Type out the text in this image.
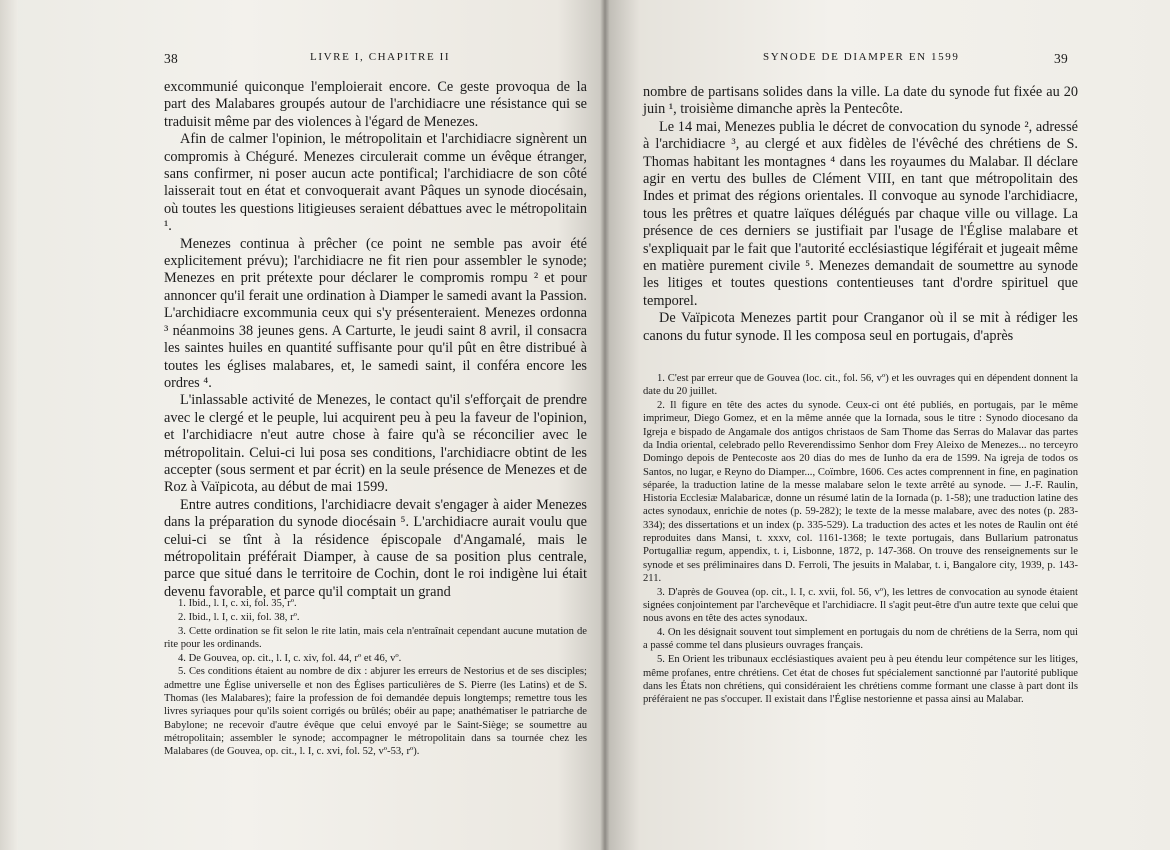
38	LIVRE I, CHAPITRE II

excommunié quiconque l'emploierait encore. Ce geste provoqua de la part des Malabares groupés autour de l'archidiacre une résistance qui se traduisit même par des violences à l'égard de Menezes.

Afin de calmer l'opinion, le métropolitain et l'archidiacre signèrent un compromis à Chéguré. Menezes circulerait comme un évêque étranger, sans confirmer, ni poser aucun acte pontifical; l'archidiacre de son côté laisserait tout en état et convoquerait avant Pâques un synode diocésain, où toutes les questions litigieuses seraient débattues avec le métropolitain ¹.

Menezes continua à prêcher (ce point ne semble pas avoir été explicitement prévu); l'archidiacre ne fit rien pour assembler le synode; Menezes en prit prétexte pour déclarer le compromis rompu ² et pour annoncer qu'il ferait une ordination à Diamper le samedi avant la Passion. L'archidiacre excommunia ceux qui s'y présenteraient. Menezes ordonna ³ néanmoins 38 jeunes gens. A Carturte, le jeudi saint 8 avril, il consacra les saintes huiles en quantité suffisante pour qu'il pût en être distribué à toutes les églises malabares, et, le samedi saint, il conféra encore les ordres ⁴.

L'inlassable activité de Menezes, le contact qu'il s'efforçait de prendre avec le clergé et le peuple, lui acquirent peu à peu la faveur de l'opinion, et l'archidiacre n'eut autre chose à faire qu'à se réconcilier avec le métropolitain. Celui-ci lui posa ses conditions, l'archidiacre obtint de les accepter (sous serment et par écrit) en la seule présence de Menezes et de Roz à Vaïpicota, au début de mai 1599.

Entre autres conditions, l'archidiacre devait s'engager à aider Menezes dans la préparation du synode diocésain ⁵. L'archidiacre aurait voulu que celui-ci se tînt à la résidence épiscopale d'Angamalé, mais le métropolitain préférait Diamper, à cause de sa position plus centrale, parce que situé dans le territoire de Cochin, dont le roi indigène lui était devenu favorable, et parce qu'il comptait un grand

1. Ibid., l. I, c. xi, fol. 35, rº.

2. Ibid., l. I, c. xii, fol. 38, rº.

3. Cette ordination se fit selon le rite latin, mais cela n'entraînait cependant aucune mutation de rite pour les ordinands.

4. De Gouvea, op. cit., l. I, c. xiv, fol. 44, rº et 46, vº.

5. Ces conditions étaient au nombre de dix : abjurer les erreurs de Nestorius et de ses disciples; admettre une Église universelle et non des Églises particulières de S. Pierre (les Latins) et de S. Thomas (les Malabares); faire la profession de foi demandée depuis longtemps; remettre tous les livres syriaques pour qu'ils soient corrigés ou brûlés; obéir au pape; anathématiser le patriarche de Babylone; ne recevoir d'autre évêque que celui envoyé par le Saint-Siège; se soumettre au métropolitain; assembler le synode; accompagner le métropolitain dans sa tournée chez les Malabares (de Gouvea, op. cit., l. I, c. xvi, fol. 52, vº-53, rº).

SYNODE DE DIAMPER EN 1599	39

nombre de partisans solides dans la ville. La date du synode fut fixée au 20 juin ¹, troisième dimanche après la Pentecôte.

Le 14 mai, Menezes publia le décret de convocation du synode ², adressé à l'archidiacre ³, au clergé et aux fidèles de l'évêché des chrétiens de S. Thomas habitant les montagnes ⁴ dans les royaumes du Malabar. Il déclare agir en vertu des bulles de Clément VIII, en tant que métropolitain des Indes et primat des régions orientales. Il convoque au synode l'archidiacre, tous les prêtres et quatre laïques délégués par chaque ville ou village. La présence de ces derniers se justifiait par l'usage de l'Église malabare et s'expliquait par le fait que l'autorité ecclésiastique légiférait et jugeait même en matière purement civile ⁵. Menezes demandait de soumettre au synode les litiges et toutes questions contentieuses tant d'ordre spirituel que temporel.

De Vaïpicota Menezes partit pour Cranganor où il se mit à rédiger les canons du futur synode. Il les composa seul en portugais, d'après

1. C'est par erreur que de Gouvea (loc. cit., fol. 56, vº) et les ouvrages qui en dépendent donnent la date du 20 juillet.

2. Il figure en tête des actes du synode. Ceux-ci ont été publiés, en portugais, par le même imprimeur, Diego Gomez, et en la même année que la Iornada, sous le titre : Synodo diocesano da Igreja e bispado de Angamale dos antigos christaos de Sam Thome das Serras do Malavar das partes da India oriental, celebrado pello Reverendissimo Senhor dom Frey Aleixo de Menezes... no terceyro Domingo depois de Pentecoste aos 20 dias do mes de Iunho da era de 1599. Na igreja de todos os Santos, no lugar, e Reyno do Diamper..., Coïmbre, 1606. Ces actes comprennent in fine, en pagination séparée, la traduction latine de la messe malabare selon le texte arrêté au synode. — J.-F. Raulin, Historia Ecclesiæ Malabaricæ, donne un résumé latin de la Iornada (p. 1-58); une traduction latine des actes synodaux, enrichie de notes (p. 59-282); le texte de la messe malabare, avec des notes (p. 283-334); des dissertations et un index (p. 335-529). La traduction des actes et les notes de Raulin ont été reproduites dans Mansi, t. xxxv, col. 1161-1368; le texte portugais, dans Bullarium patronatus Portugalliæ regum, appendix, t. i, Lisbonne, 1872, p. 147-368. On trouve des renseignements sur le synode et ses préliminaires dans D. Ferroli, The jesuits in Malabar, t. i, Bangalore city, 1939, p. 143-211.

3. D'après de Gouvea (op. cit., l. I, c. xvii, fol. 56, vº), les lettres de convocation au synode étaient signées conjointement par l'archevêque et l'archidiacre. Il s'agit peut-être d'un autre texte que celui que nous avons en tête des actes synodaux.

4. On les désignait souvent tout simplement en portugais du nom de chrétiens de la Serra, nom qui a passé comme tel dans plusieurs ouvrages français.

5. En Orient les tribunaux ecclésiastiques avaient peu à peu étendu leur compétence sur les litiges, même profanes, entre chrétiens. Cet état de choses fut spécialement sanctionné par l'autorité publique dans les États non chrétiens, qui considéraient les chrétiens comme formant une classe à part dont ils préféraient ne pas s'occuper. Il existait dans l'Église nestorienne et passa ainsi au Malabar.
